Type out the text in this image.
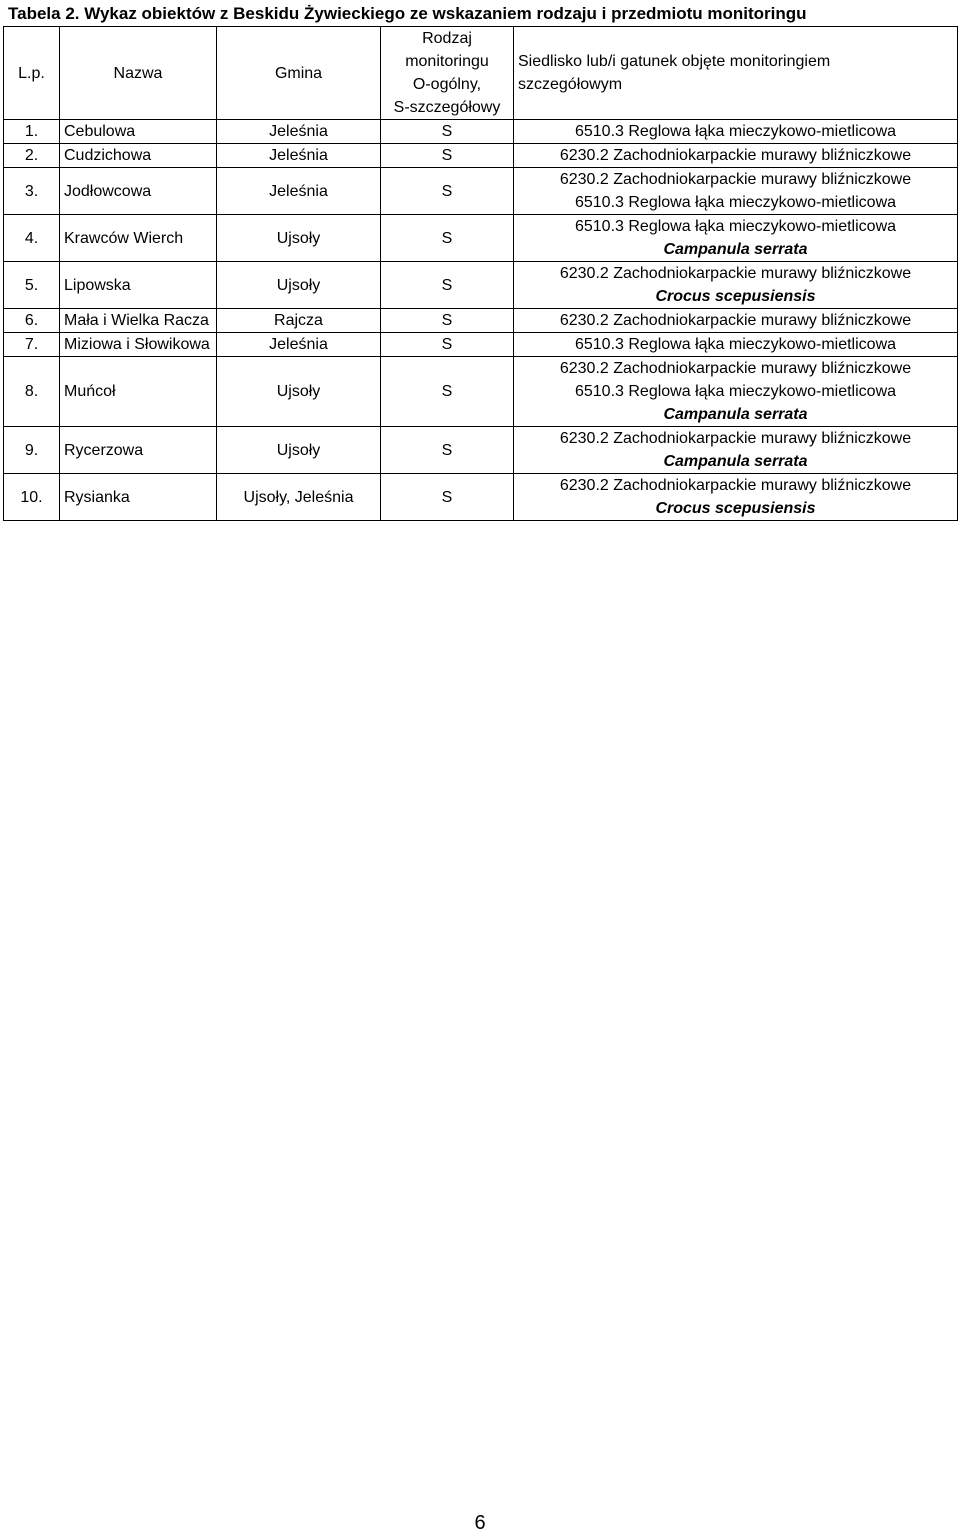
Tabela 2. Wykaz obiektów z Beskidu Żywieckiego ze wskazaniem rodzaju i przedmiotu monitoringu
L.p.	Nazwa	Gmina	Rodzaj
monitoringu
O-ogólny,
S-szczegółowy	Siedlisko lub/i gatunek objęte monitoringiem
szczegółowym

1.	Cebulowa	Jeleśnia	S	6510.3 Reglowa łąka mieczykowo-mietlicowa

2.	Cudzichowa	Jeleśnia	S	6230.2 Zachodniokarpackie murawy bliźniczkowe

3.	Jodłowcowa	Jeleśnia	S	6230.2 Zachodniokarpackie murawy bliźniczkowe
6510.3 Reglowa łąka mieczykowo-mietlicowa

4.	Krawców Wierch	Ujsoły	S	6510.3 Reglowa łąka mieczykowo-mietlicowa
Campanula serrata

5.	Lipowska	Ujsoły	S	6230.2 Zachodniokarpackie murawy bliźniczkowe
Crocus scepusiensis

6.	Mała i Wielka Racza	Rajcza	S	6230.2 Zachodniokarpackie murawy bliźniczkowe

7.	Miziowa i Słowikowa	Jeleśnia	S	6510.3 Reglowa łąka mieczykowo-mietlicowa

8.	Muńcoł	Ujsoły	S	6230.2 Zachodniokarpackie murawy bliźniczkowe
6510.3 Reglowa łąka mieczykowo-mietlicowa
Campanula serrata

9.	Rycerzowa	Ujsoły	S	6230.2 Zachodniokarpackie murawy bliźniczkowe
Campanula serrata

10.	Rysianka	Ujsoły, Jeleśnia	S	6230.2 Zachodniokarpackie murawy bliźniczkowe
Crocus scepusiensis
6
